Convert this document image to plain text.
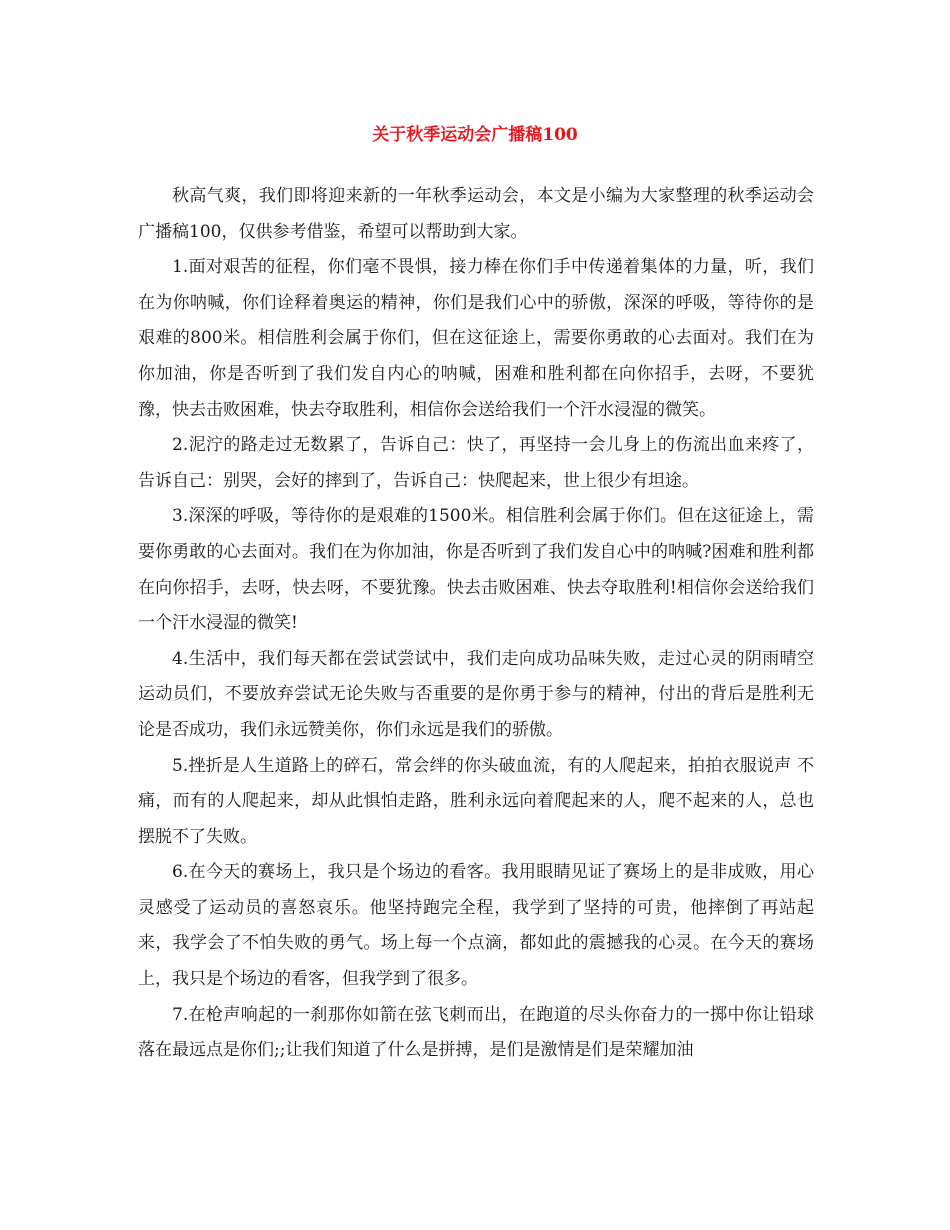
关于秋季运动会广播稿100

秋高气爽，我们即将迎来新的一年秋季运动会，本文是小编为大家整理的秋季运动会广播稿100，仅供参考借鉴，希望可以帮助到大家。

1.面对艰苦的征程，你们毫不畏惧，接力棒在你们手中传递着集体的力量，听，我们在为你呐喊，你们诠释着奥运的精神，你们是我们心中的骄傲，深深的呼吸，等待你的是艰难的800米。相信胜利会属于你们，但在这征途上，需要你勇敢的心去面对。我们在为你加油，你是否听到了我们发自内心的呐喊，困难和胜利都在向你招手，去呀，不要犹豫，快去击败困难，快去夺取胜利，相信你会送给我们一个汗水浸湿的微笑。

2.泥泞的路走过无数累了，告诉自己：快了，再坚持一会儿身上的伤流出血来疼了，告诉自己：别哭，会好的摔到了，告诉自己：快爬起来，世上很少有坦途。

3.深深的呼吸，等待你的是艰难的1500米。相信胜利会属于你们。但在这征途上，需要你勇敢的心去面对。我们在为你加油，你是否听到了我们发自心中的呐喊?困难和胜利都在向你招手，去呀，快去呀，不要犹豫。快去击败困难、快去夺取胜利!相信你会送给我们一个汗水浸湿的微笑!

4.生活中，我们每天都在尝试尝试中，我们走向成功品味失败，走过心灵的阴雨晴空运动员们，不要放弃尝试无论失败与否重要的是你勇于参与的精神，付出的背后是胜利无论是否成功，我们永远赞美你，你们永远是我们的骄傲。

5.挫折是人生道路上的碎石，常会绊的你头破血流，有的人爬起来，拍拍衣服说声 不痛，而有的人爬起来，却从此惧怕走路，胜利永远向着爬起来的人，爬不起来的人，总也摆脱不了失败。

6.在今天的赛场上，我只是个场边的看客。我用眼睛见证了赛场上的是非成败，用心灵感受了运动员的喜怒哀乐。他坚持跑完全程，我学到了坚持的可贵，他摔倒了再站起来，我学会了不怕失败的勇气。场上每一个点滴，都如此的震撼我的心灵。在今天的赛场上，我只是个场边的看客，但我学到了很多。

7.在枪声响起的一刹那你如箭在弦飞刺而出，在跑道的尽头你奋力的一掷中你让铅球落在最远点是你们;;让我们知道了什么是拼搏，是们是激情是们是荣耀加油
